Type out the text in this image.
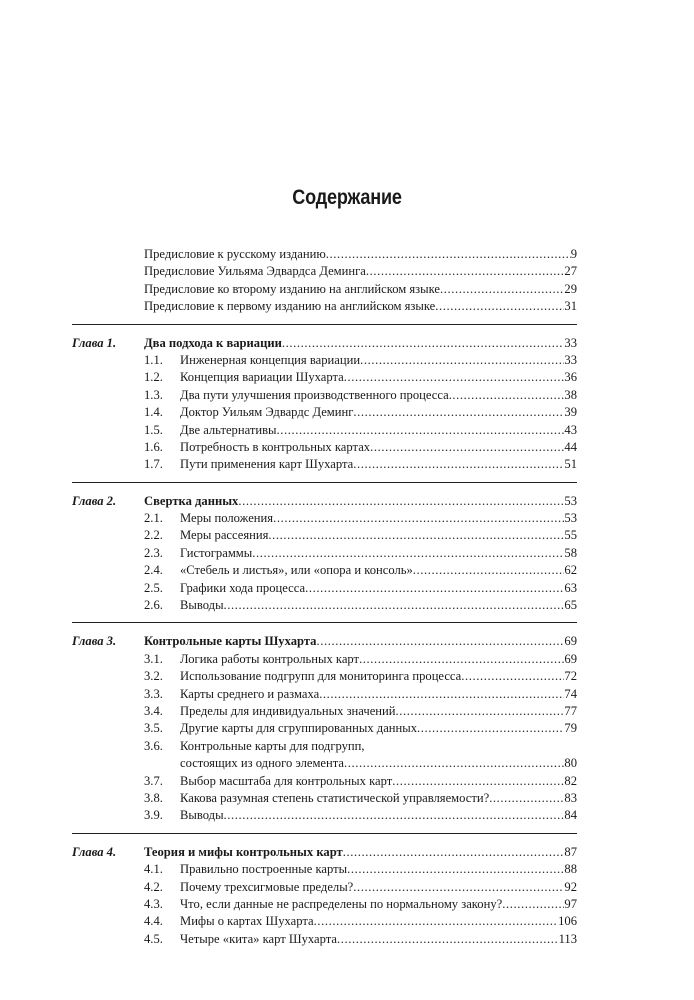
Содержание
Предисловие к русскому изданию .....	9
Предисловие Уильяма Эдвардса Деминга .....	27
Предисловие ко второму изданию на английском языке .....	29
Предисловие к первому изданию на английском языке .....	31
Глава 1. Два подхода к вариации .....	33
1.1. Инженерная концепция вариации .....	33
1.2. Концепция вариации Шухарта .....	36
1.3. Два пути улучшения производственного процесса .....	38
1.4. Доктор Уильям Эдвардс Деминг .....	39
1.5. Две альтернативы .....	43
1.6. Потребность в контрольных картах .....	44
1.7. Пути применения карт Шухарта .....	51
Глава 2. Свертка данных .....	53
2.1. Меры положения .....	53
2.2. Меры рассеяния .....	55
2.3. Гистограммы .....	58
2.4. «Стебель и листья», или «опора и консоль» .....	62
2.5. Графики хода процесса .....	63
2.6. Выводы .....	65
Глава 3. Контрольные карты Шухарта .....	69
3.1. Логика работы контрольных карт .....	69
3.2. Использование подгрупп для мониторинга процесса .....	72
3.3. Карты среднего и размаха .....	74
3.4. Пределы для индивидуальных значений .....	77
3.5. Другие карты для сгруппированных данных .....	79
3.6. Контрольные карты для подгрупп,
состоящих из одного элемента .....	80
3.7. Выбор масштаба для контрольных карт .....	82
3.8. Какова разумная степень статистической управляемости? .....	83
3.9. Выводы .....	84
Глава 4. Теория и мифы контрольных карт .....	87
4.1. Правильно построенные карты .....	88
4.2. Почему трехсигмовые пределы? .....	92
4.3. Что, если данные не распределены по нормальному закону? .....	97
4.4. Мифы о картах Шухарта .....	106
4.5. Четыре «кита» карт Шухарта .....	113
